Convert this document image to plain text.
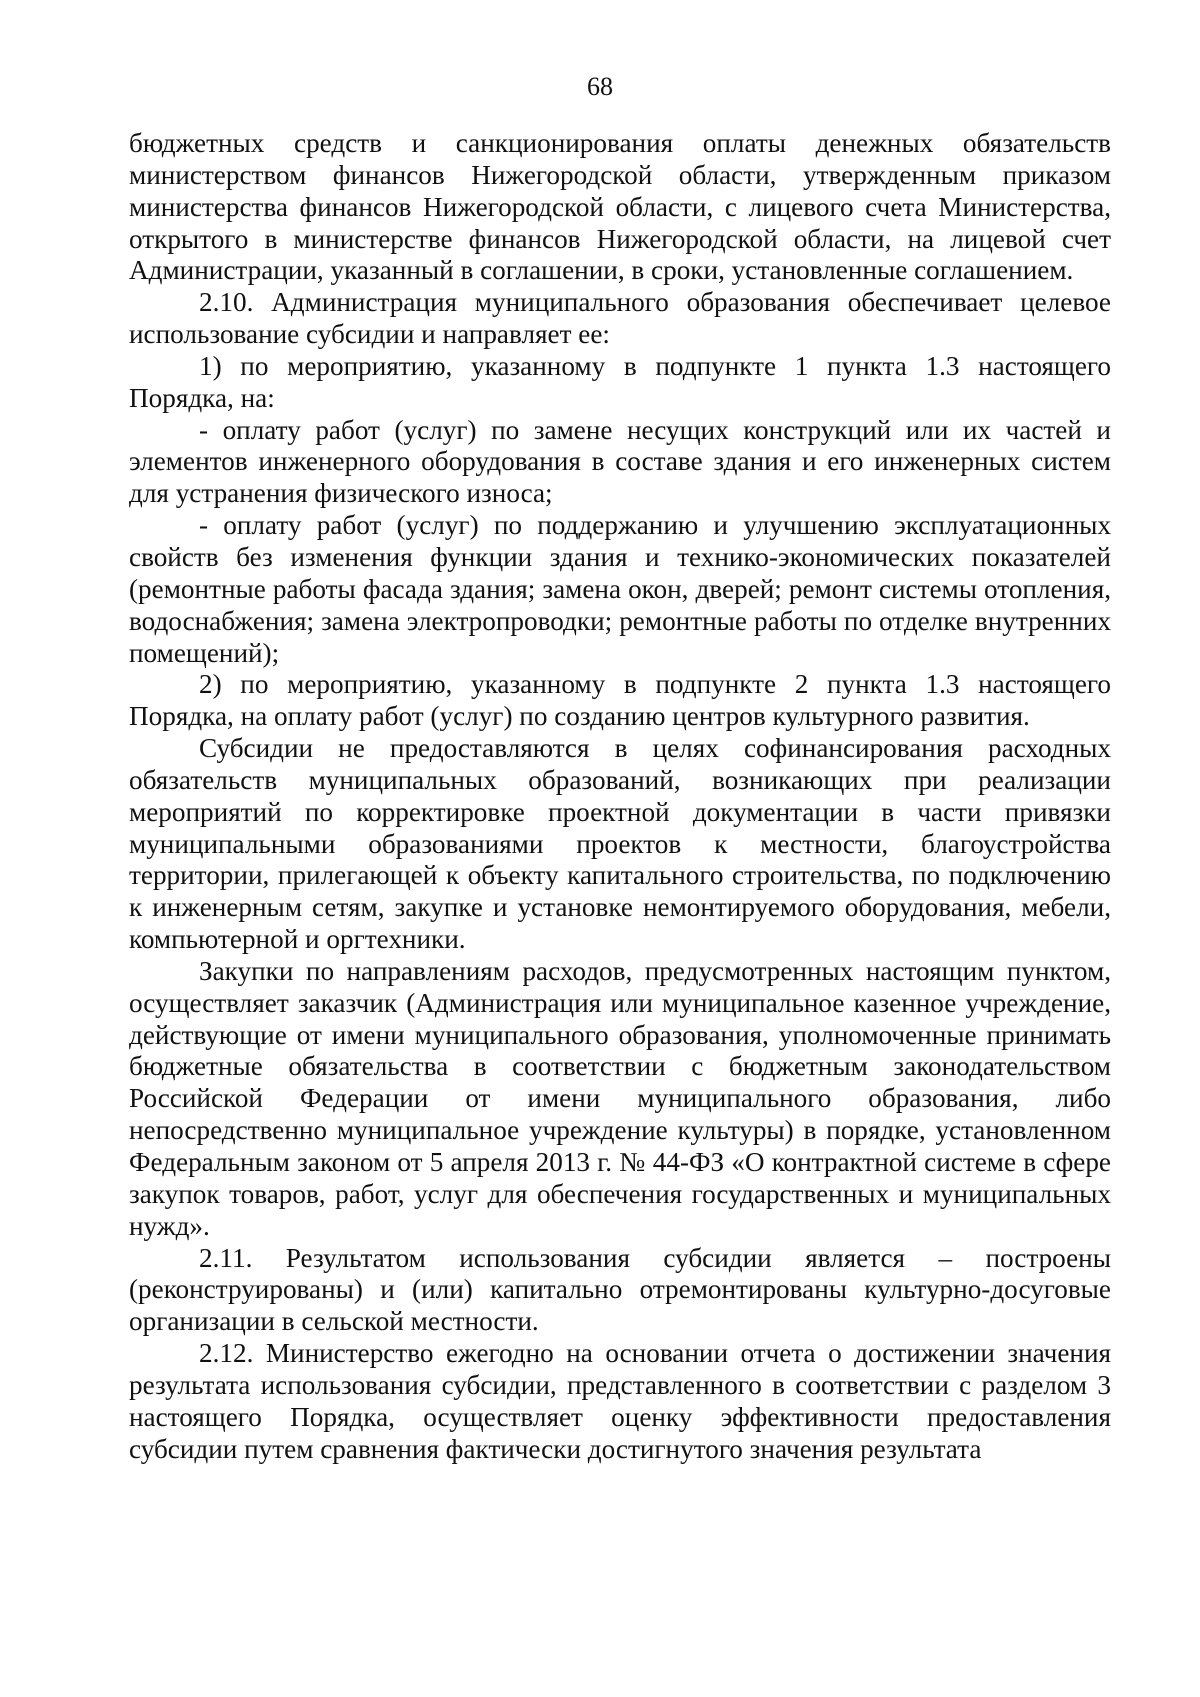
68

бюджетных средств и санкционирования оплаты денежных обязательств министерством финансов Нижегородской области, утвержденным приказом министерства финансов Нижегородской области, с лицевого счета Министерства, открытого в министерстве финансов Нижегородской области, на лицевой счет Администрации, указанный в соглашении, в сроки, установленные соглашением.

2.10. Администрация муниципального образования обеспечивает целевое использование субсидии и направляет ее:

1) по мероприятию, указанному в подпункте 1 пункта 1.3 настоящего Порядка, на:

- оплату работ (услуг) по замене несущих конструкций или их частей и элементов инженерного оборудования в составе здания и его инженерных систем для устранения физического износа;

- оплату работ (услуг) по поддержанию и улучшению эксплуатационных свойств без изменения функции здания и технико-экономических показателей (ремонтные работы фасада здания; замена окон, дверей; ремонт системы отопления, водоснабжения; замена электропроводки; ремонтные работы по отделке внутренних помещений);

2) по мероприятию, указанному в подпункте 2 пункта 1.3 настоящего Порядка, на оплату работ (услуг) по созданию центров культурного развития.

Субсидии не предоставляются в целях софинансирования расходных обязательств муниципальных образований, возникающих при реализации мероприятий по корректировке проектной документации в части привязки муниципальными образованиями проектов к местности, благоустройства территории, прилегающей к объекту капитального строительства, по подключению к инженерным сетям, закупке и установке немонтируемого оборудования, мебели, компьютерной и оргтехники.

Закупки по направлениям расходов, предусмотренных настоящим пунктом, осуществляет заказчик (Администрация или муниципальное казенное учреждение, действующие от имени муниципального образования, уполномоченные принимать бюджетные обязательства в соответствии с бюджетным законодательством Российской Федерации от имени муниципального образования, либо непосредственно муниципальное учреждение культуры) в порядке, установленном Федеральным законом от 5 апреля 2013 г. № 44-ФЗ «О контрактной системе в сфере закупок товаров, работ, услуг для обеспечения государственных и муниципальных нужд».

2.11. Результатом использования субсидии является – построены (реконструированы) и (или) капитально отремонтированы культурно-досуговые организации в сельской местности.

2.12. Министерство ежегодно на основании отчета о достижении значения результата использования субсидии, представленного в соответствии с разделом 3 настоящего Порядка, осуществляет оценку эффективности предоставления субсидии путем сравнения фактически достигнутого значения результата
